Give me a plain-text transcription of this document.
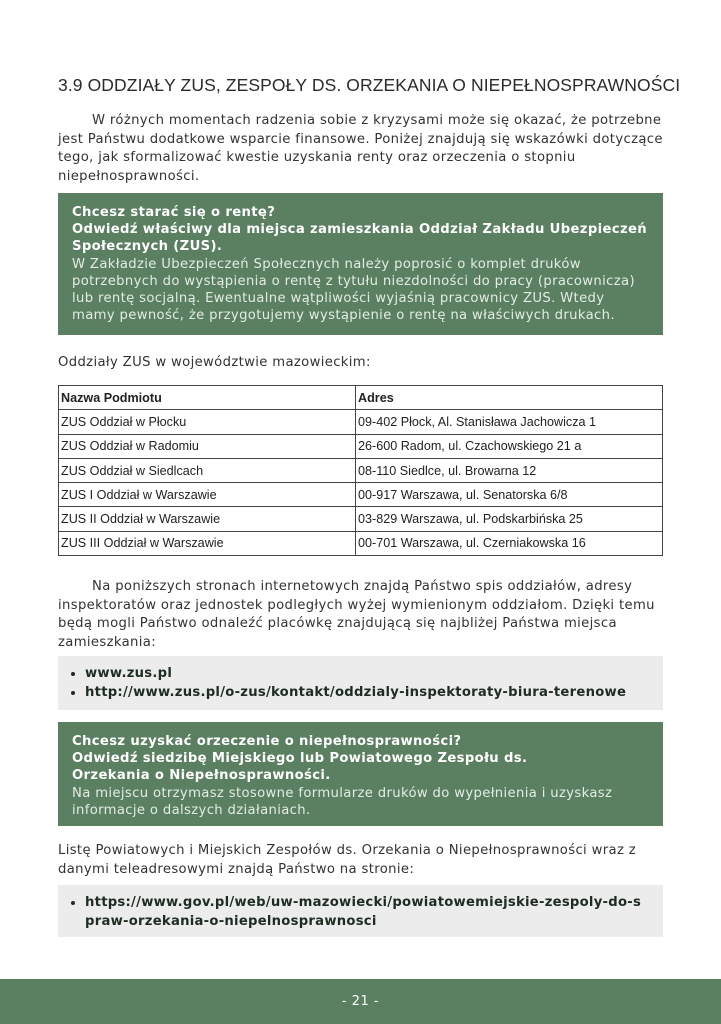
3.9 ODDZIAŁY ZUS, ZESPOŁY DS. ORZEKANIA O NIEPEŁNOSPRAWNOŚCI
W różnych momentach radzenia sobie z kryzysami może się okazać, że potrzebne jest Państwu dodatkowe wsparcie finansowe. Poniżej znajdują się wskazówki dotyczące tego, jak sformalizować kwestie uzyskania renty oraz orzeczenia o stopniu niepełnosprawności.
Chcesz starać się o rentę?
Odwiedź właściwy dla miejsca zamieszkania Oddział Zakładu Ubezpieczeń Społecznych (ZUS).
W Zakładzie Ubezpieczeń Społecznych należy poprosić o komplet druków potrzebnych do wystąpienia o rentę z tytułu niezdolności do pracy (pracownicza) lub rentę socjalną. Ewentualne wątpliwości wyjaśnią pracownicy ZUS. Wtedy mamy pewność, że przygotujemy wystąpienie o rentę na właściwych drukach.
Oddziały ZUS w województwie mazowieckim:
Nazwa Podmiotu	Adres
ZUS Oddział w Płocku	09-402 Płock, Al. Stanisława Jachowicza 1
ZUS Oddział w Radomiu	26-600 Radom, ul. Czachowskiego 21 a
ZUS Oddział w Siedlcach	08-110 Siedlce, ul. Browarna 12
ZUS I Oddział w Warszawie	00-917 Warszawa, ul. Senatorska 6/8
ZUS II Oddział w Warszawie	03-829 Warszawa, ul. Podskarbińska 25
ZUS III Oddział w Warszawie	00-701 Warszawa, ul. Czerniakowska 16
Na poniższych stronach internetowych znajdą Państwo spis oddziałów, adresy inspektoratów oraz jednostek podległych wyżej wymienionym oddziałom. Dzięki temu będą mogli Państwo odnaleźć placówkę znajdującą się najbliżej Państwa miejsca zamieszkania:
• www.zus.pl
• http://www.zus.pl/o-zus/kontakt/oddzialy-inspektoraty-biura-terenowe
Chcesz uzyskać orzeczenie o niepełnosprawności?
Odwiedź siedzibę Miejskiego lub Powiatowego Zespołu ds. Orzekania o Niepełnosprawności.
Na miejscu otrzymasz stosowne formularze druków do wypełnienia i uzyskasz informacje o dalszych działaniach.
Listę Powiatowych i Miejskich Zespołów ds. Orzekania o Niepełnosprawności wraz z danymi teleadresowymi znajdą Państwo na stronie:
• https://www.gov.pl/web/uw-mazowiecki/powiatowemiejskie-zespoly-do-spraw-orzekania-o-niepelnosprawnosci
- 21 -
